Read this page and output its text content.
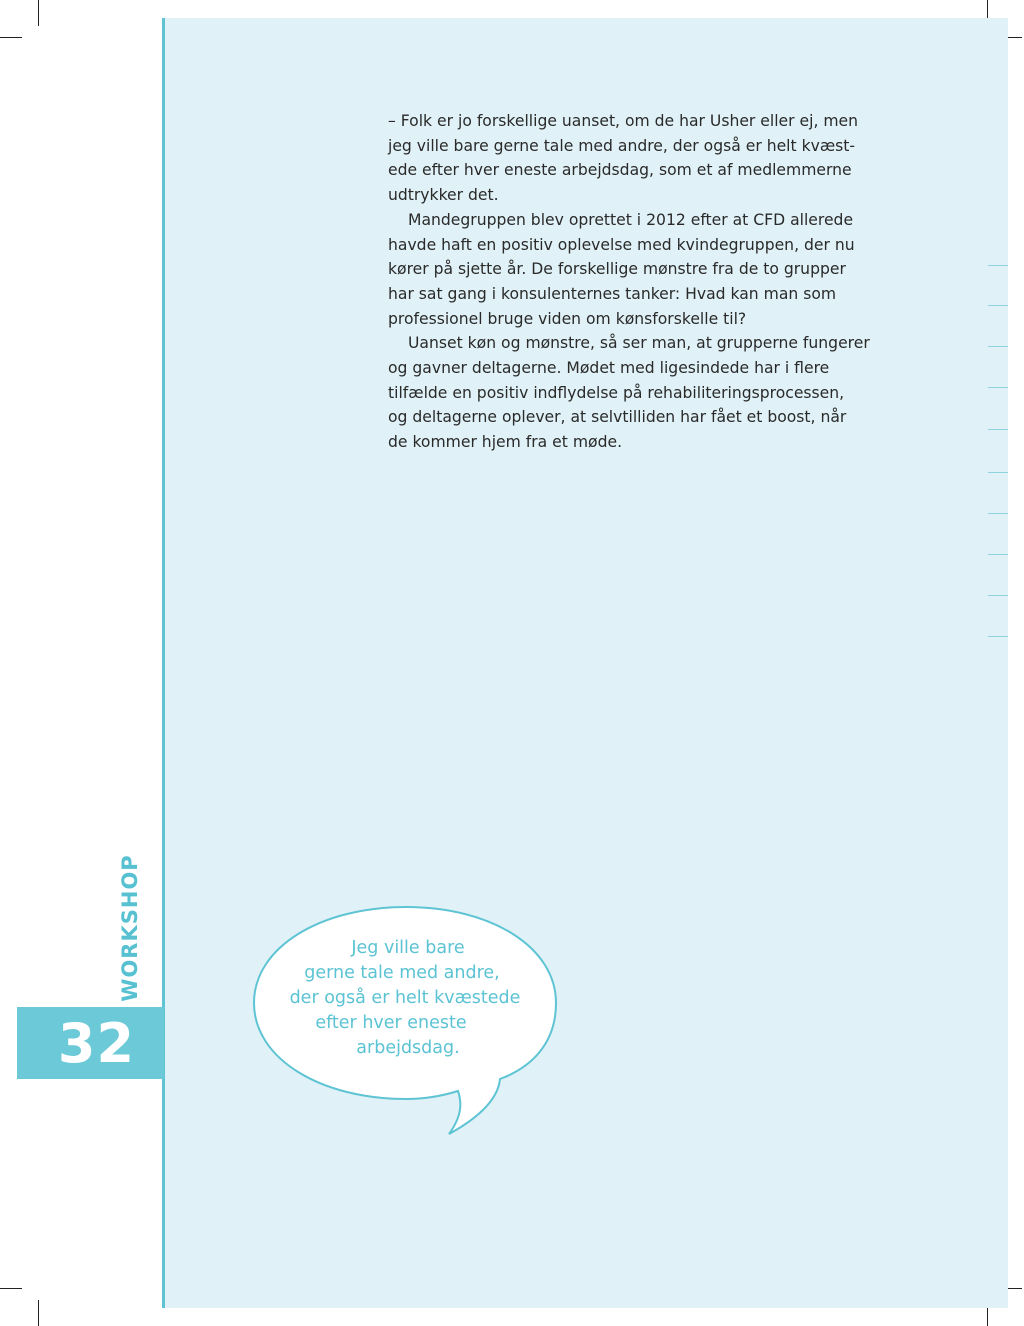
– Folk er jo forskellige uanset, om de har Usher eller ej, men
jeg ville bare gerne tale med andre, der også er helt kvæst-
ede efter hver eneste arbejdsdag, som et af medlemmerne
udtrykker det.

Mandegruppen blev oprettet i 2012 efter at CFD allerede
havde haft en positiv oplevelse med kvindegruppen, der nu
kører på sjette år. De forskellige mønstre fra de to grupper
har sat gang i konsulenternes tanker: Hvad kan man som
professionel bruge viden om kønsforskelle til?

Uanset køn og mønstre, så ser man, at grupperne fungerer
og gavner deltagerne. Mødet med ligesindede har i flere
tilfælde en positiv indflydelse på rehabiliteringsprocessen,
og deltagerne oplever, at selvtilliden har fået et boost, når
de kommer hjem fra et møde.

WORKSHOP
32
Jeg ville bare
gerne tale med andre,
der også er helt kvæstede
efter hver eneste
arbejdsdag.
